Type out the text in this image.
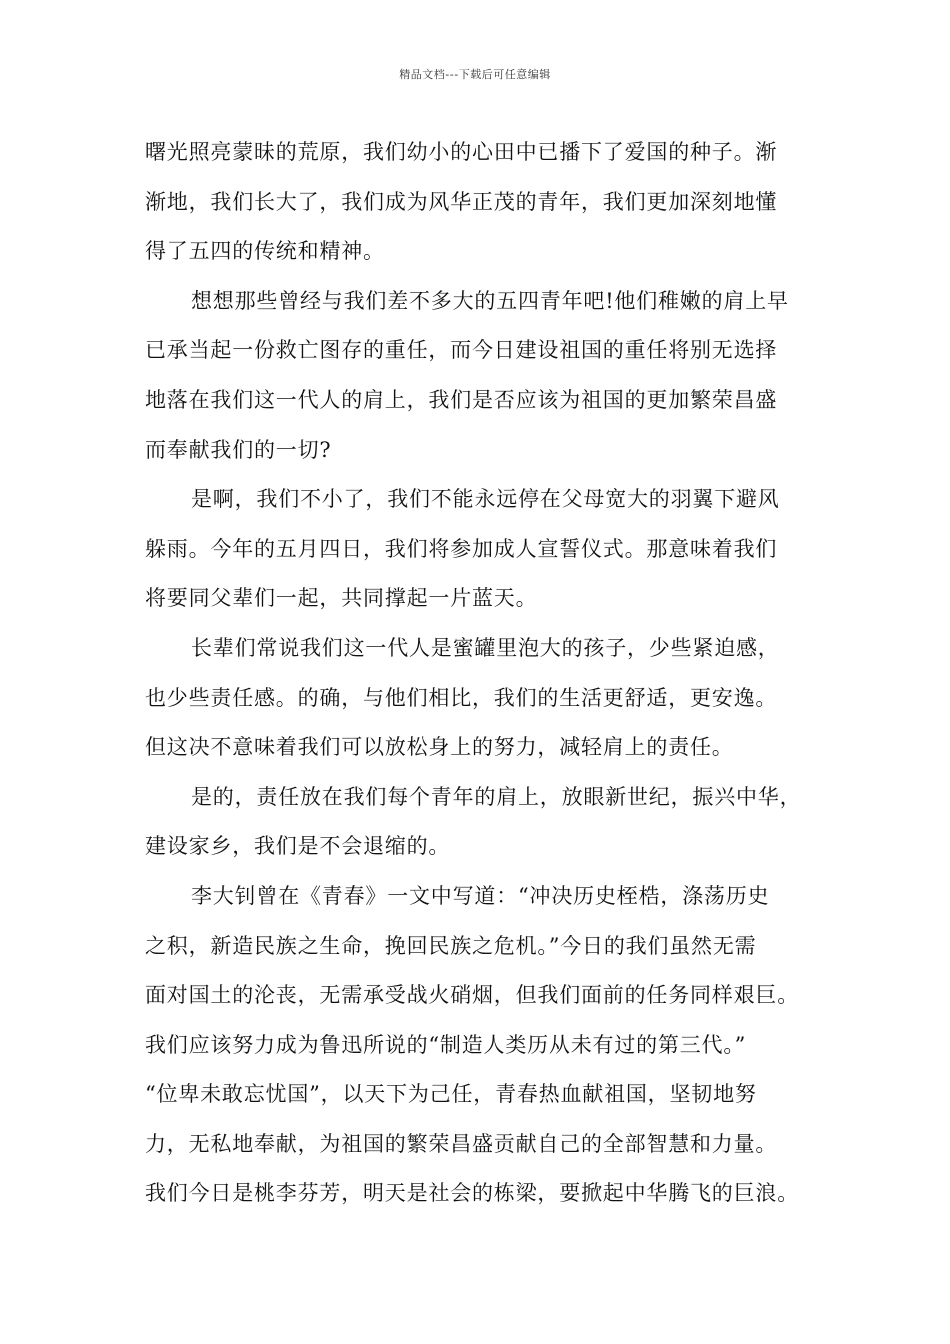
精品文档---下载后可任意编辑
曙光照亮蒙昧的荒原，我们幼小的心田中已播下了爱国的种子。渐
渐地，我们长大了，我们成为风华正茂的青年，我们更加深刻地懂
得了五四的传统和精神。
想想那些曾经与我们差不多大的五四青年吧!他们稚嫩的肩上早
已承当起一份救亡图存的重任，而今日建设祖国的重任将别无选择
地落在我们这一代人的肩上，我们是否应该为祖国的更加繁荣昌盛
而奉献我们的一切?
是啊，我们不小了，我们不能永远停在父母宽大的羽翼下避风
躲雨。今年的五月四日，我们将参加成人宣誓仪式。那意味着我们
将要同父辈们一起，共同撑起一片蓝天。
长辈们常说我们这一代人是蜜罐里泡大的孩子，少些紧迫感，
也少些责任感。的确，与他们相比，我们的生活更舒适，更安逸。
但这决不意味着我们可以放松身上的努力，减轻肩上的责任。
是的，责任放在我们每个青年的肩上，放眼新世纪，振兴中华，
建设家乡，我们是不会退缩的。
李大钊曾在《青春》一文中写道：“冲决历史桎梏，涤荡历史
之积，新造民族之生命，挽回民族之危机。”今日的我们虽然无需
面对国土的沦丧，无需承受战火硝烟，但我们面前的任务同样艰巨。
我们应该努力成为鲁迅所说的“制造人类历从未有过的第三代。”
“位卑未敢忘忧国”，以天下为己任，青春热血献祖国，坚韧地努
力，无私地奉献，为祖国的繁荣昌盛贡献自己的全部智慧和力量。
我们今日是桃李芬芳，明天是社会的栋梁，要掀起中华腾飞的巨浪。
